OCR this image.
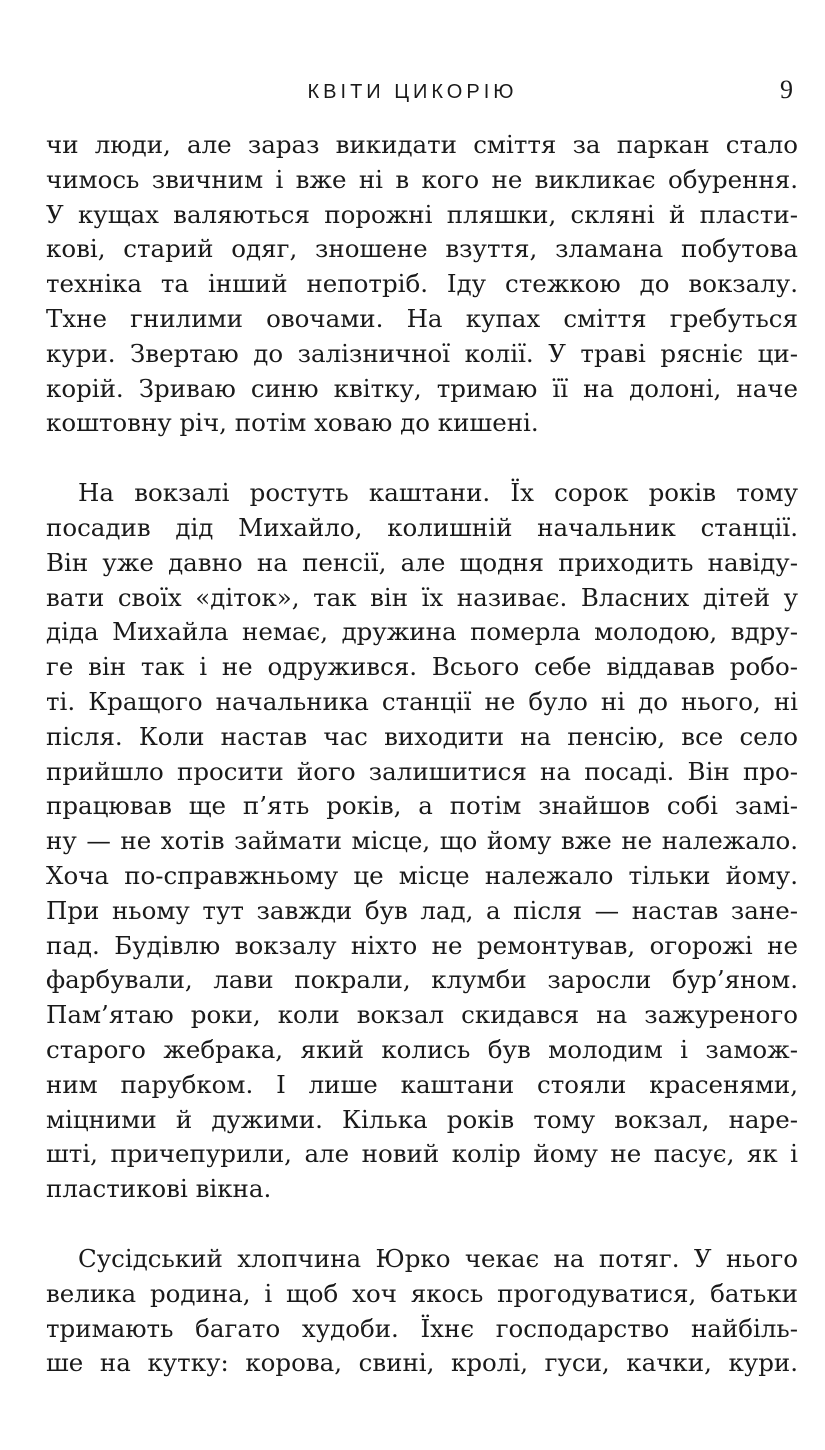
КВІТИ ЦИКОРІЮ	9
чи люди, але зараз викидати сміття за паркан стало
чимось звичним і вже ні в кого не викликає обурення.
У кущах валяються порожні пляшки, скляні й пласти-
кові, старий одяг, зношене взуття, зламана побутова
техніка та інший непотріб. Іду стежкою до вокзалу.
Тхне гнилими овочами. На купах сміття гребуться
кури. Звертаю до залізничної колії. У траві рясніє ци-
корій. Зриваю синю квітку, тримаю її на долоні, наче
коштовну річ, потім ховаю до кишені.
На вокзалі ростуть каштани. Їх сорок років тому
посадив дід Михайло, колишній начальник станції.
Він уже давно на пенсії, але щодня приходить навіду-
вати своїх «діток», так він їх називає. Власних дітей у
діда Михайла немає, дружина померла молодою, вдру-
ге він так і не одружився. Всього себе віддавав робо-
ті. Кращого начальника станції не було ні до нього, ні
після. Коли настав час виходити на пенсію, все село
прийшло просити його залишитися на посаді. Він про-
працював ще п’ять років, а потім знайшов собі замі-
ну — не хотів займати місце, що йому вже не належало.
Хоча по-справжньому це місце належало тільки йому.
При ньому тут завжди був лад, а після — настав зане-
пад. Будівлю вокзалу ніхто не ремонтував, огорожі не
фарбували, лави покрали, клумби заросли бур’яном.
Пам’ятаю роки, коли вокзал скидався на зажуреного
старого жебрака, який колись був молодим і замож-
ним парубком. І лише каштани стояли красенями,
міцними й дужими. Кілька років тому вокзал, наре-
шті, причепурили, але новий колір йому не пасує, як і
пластикові вікна.
Сусідський хлопчина Юрко чекає на потяг. У нього
велика родина, і щоб хоч якось прогодуватися, батьки
тримають багато худоби. Їхнє господарство найбіль-
ше на кутку: корова, свині, кролі, гуси, качки, кури.
